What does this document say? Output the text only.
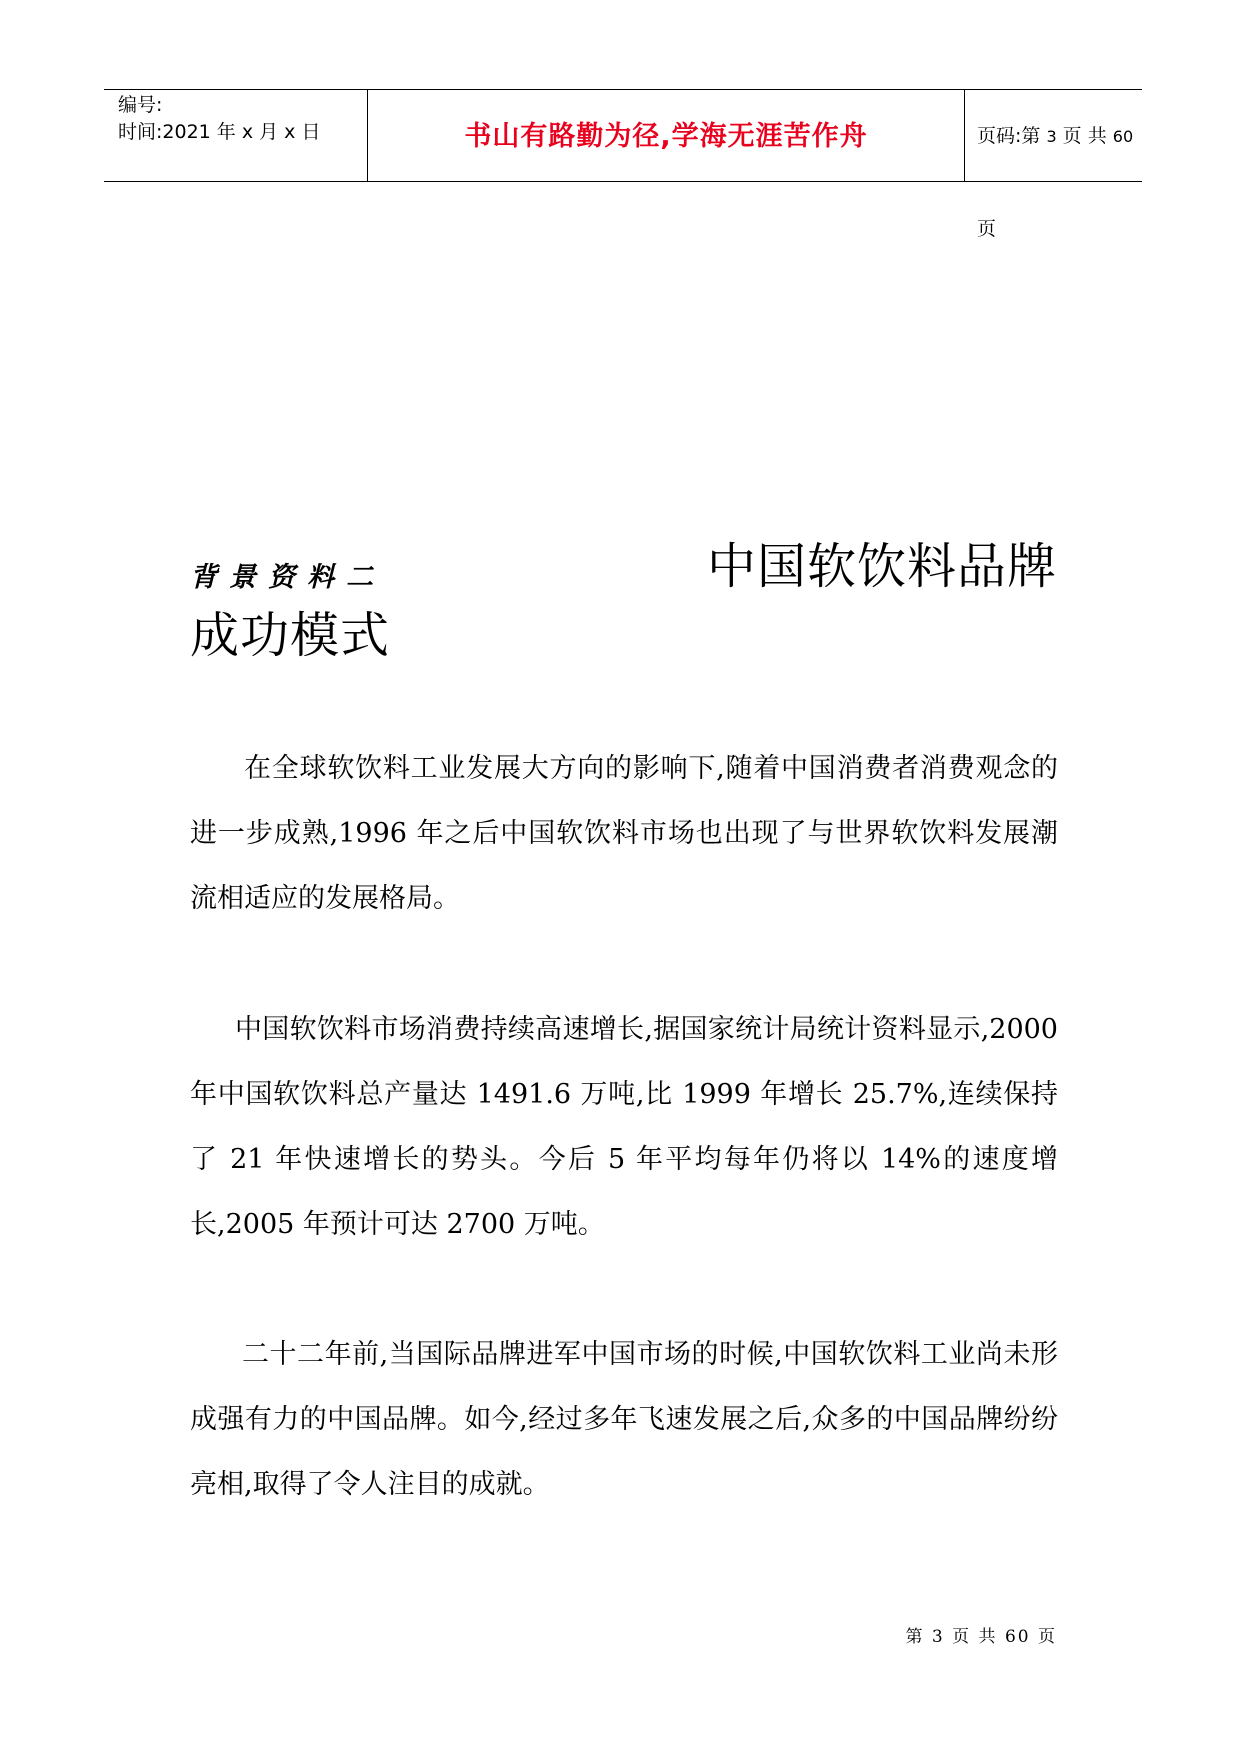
编号:
时间:2021 年 x 月 x 日	书山有路勤为径,学海无涯苦作舟	页码:第 3 页 共 60 页
背景资料二	中国软饮料品牌
成功模式

在全球软饮料工业发展大方向的影响下,随着中国消费者消费观念的进一步成熟,1996 年之后中国软饮料市场也出现了与世界软饮料发展潮流相适应的发展格局。

中国软饮料市场消费持续高速增长,据国家统计局统计资料显示,2000 年中国软饮料总产量达 1491.6 万吨,比 1999 年增长 25.7%,连续保持了 21 年快速增长的势头。今后 5 年平均每年仍将以 14%的速度增长,2005 年预计可达 2700 万吨。

二十二年前,当国际品牌进军中国市场的时候,中国软饮料工业尚未形成强有力的中国品牌。如今,经过多年飞速发展之后,众多的中国品牌纷纷亮相,取得了令人注目的成就。

第 3 页 共 60 页
